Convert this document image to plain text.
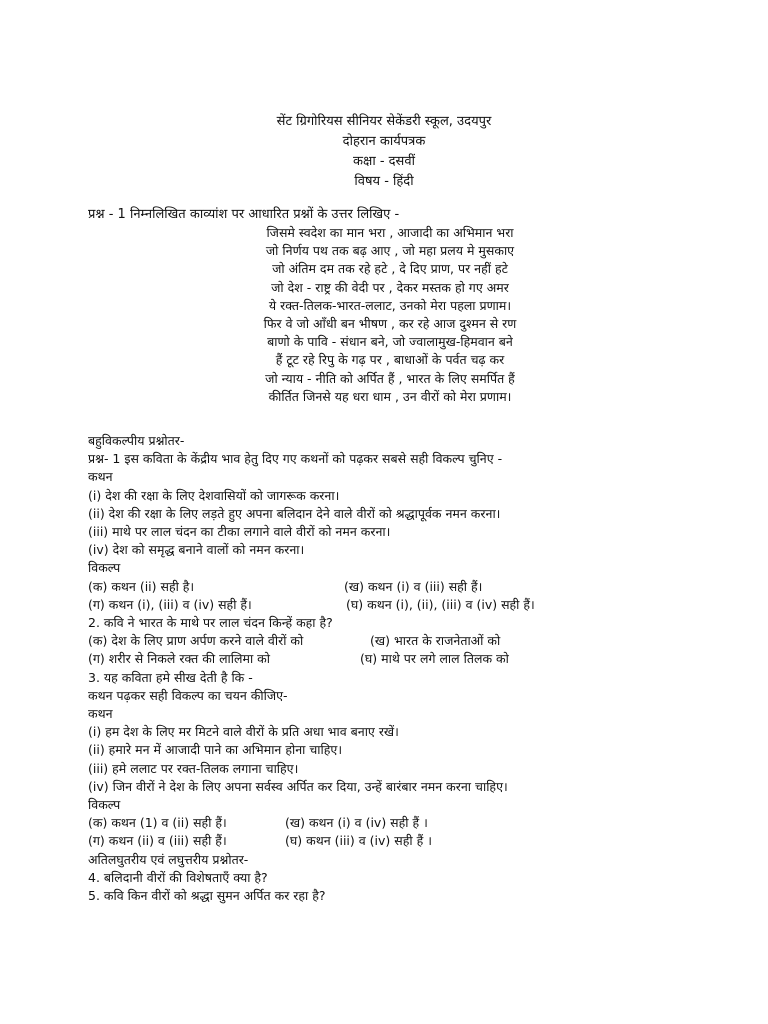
सेंट ग्रिगोरियस सीनियर सेकेंडरी स्कूल, उदयपुर
दोहरान कार्यपत्रक
कक्षा - दसवीं
विषय - हिंदी
प्रश्न - 1 निम्नलिखित काव्यांश पर आधारित प्रश्नों के उत्तर लिखिए -
जिसमे स्वदेश का मान भरा , आजादी का अभिमान भरा
जो निर्णय पथ तक बढ़ आए , जो महा प्रलय मे मुसकाए
जो अंतिम दम तक रहे हटे , दे दिए प्राण, पर नहीं हटे
जो देश - राष्ट्र की वेदी पर , देकर मस्तक हो गए अमर
ये रक्त-तिलक-भारत-ललाट, उनको मेरा पहला प्रणाम।
फिर वे जो आँधी बन भीषण , कर रहे आज दुश्मन से रण
बाणो के पावि - संधान बने, जो ज्वालामुख-हिमवान बने
हैं टूट रहे रिपु के गढ़ पर , बाधाओं के पर्वत चढ़ कर
जो न्याय - नीति को अर्पित हैं , भारत के लिए समर्पित हैं
कीर्तित जिनसे यह धरा धाम , उन वीरों को मेरा प्रणाम।
बहुविकल्पीय प्रश्नोतर-
प्रश्न- 1 इस कविता के केंद्रीय भाव हेतु दिए गए कथनों को पढ़कर सबसे सही विकल्प चुनिए -
कथन
(i) देश की रक्षा के लिए देशवासियों को जागरूक करना।
(ii) देश की रक्षा के लिए लड़ते हुए अपना बलिदान देने वाले वीरों को श्रद्धापूर्वक नमन करना।
(iii) माथे पर लाल चंदन का टीका लगाने वाले वीरों को नमन करना।
(iv) देश को समृद्ध बनाने वालों को नमन करना।
विकल्प
(क) कथन (ii) सही है।	(ख) कथन (i) व (iii) सही हैं।
(ग) कथन (i), (iii) व (iv) सही हैं।	(घ) कथन (i), (ii), (iii) व (iv) सही हैं।
2. कवि ने भारत के माथे पर लाल चंदन किन्हें कहा है?
(क) देश के लिए प्राण अर्पण करने वाले वीरों को	(ख) भारत के राजनेताओं को
(ग) शरीर से निकले रक्त की लालिमा को	(घ) माथे पर लगे लाल तिलक को
3. यह कविता हमे सीख देती है कि -
कथन पढ़कर सही विकल्प का चयन कीजिए-
कथन
(i) हम देश के लिए मर मिटने वाले वीरों के प्रति अधा भाव बनाए रखें।
(ii) हमारे मन में आजादी पाने का अभिमान होना चाहिए।
(iii) हमे ललाट पर रक्त-तिलक लगाना चाहिए।
(iv) जिन वीरों ने देश के लिए अपना सर्वस्व अर्पित कर दिया, उन्हें बारंबार नमन करना चाहिए।
विकल्प
(क) कथन (1) व (ii) सही हैं।	(ख) कथन (i) व (iv) सही हैं ।
(ग) कथन (ii) व (iii) सही हैं।	(घ) कथन (iii) व (iv) सही हैं ।
अतिलघुतरीय एवं लघुत्तरीय प्रश्नोतर-
4. बलिदानी वीरों की विशेषताएँ क्या है?
5. कवि किन वीरों को श्रद्धा सुमन अर्पित कर रहा है?
